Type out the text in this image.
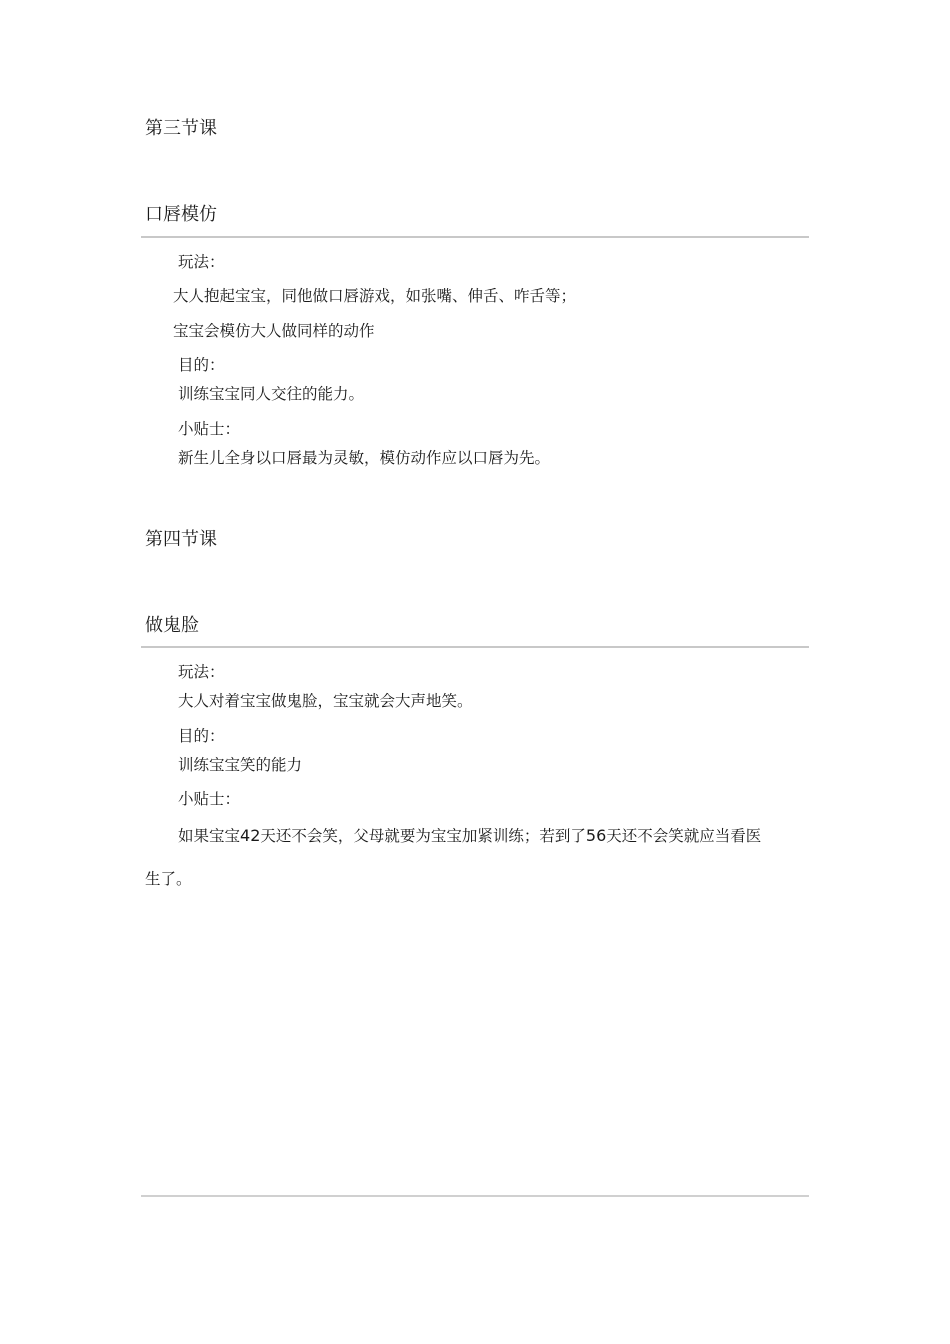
第三节课
口唇模仿

玩法：

大人抱起宝宝，同他做口唇游戏，如张嘴、伸舌、咋舌等；

宝宝会模仿大人做同样的动作

目的：

训练宝宝同人交往的能力。

小贴士：

新生儿全身以口唇最为灵敏，模仿动作应以口唇为先。

第四节课
做鬼脸

玩法：

大人对着宝宝做鬼脸，宝宝就会大声地笑。

目的：

训练宝宝笑的能力

小贴士：

如果宝宝42天还不会笑，父母就要为宝宝加紧训练；若到了56天还不会笑就应当看医

生了。
